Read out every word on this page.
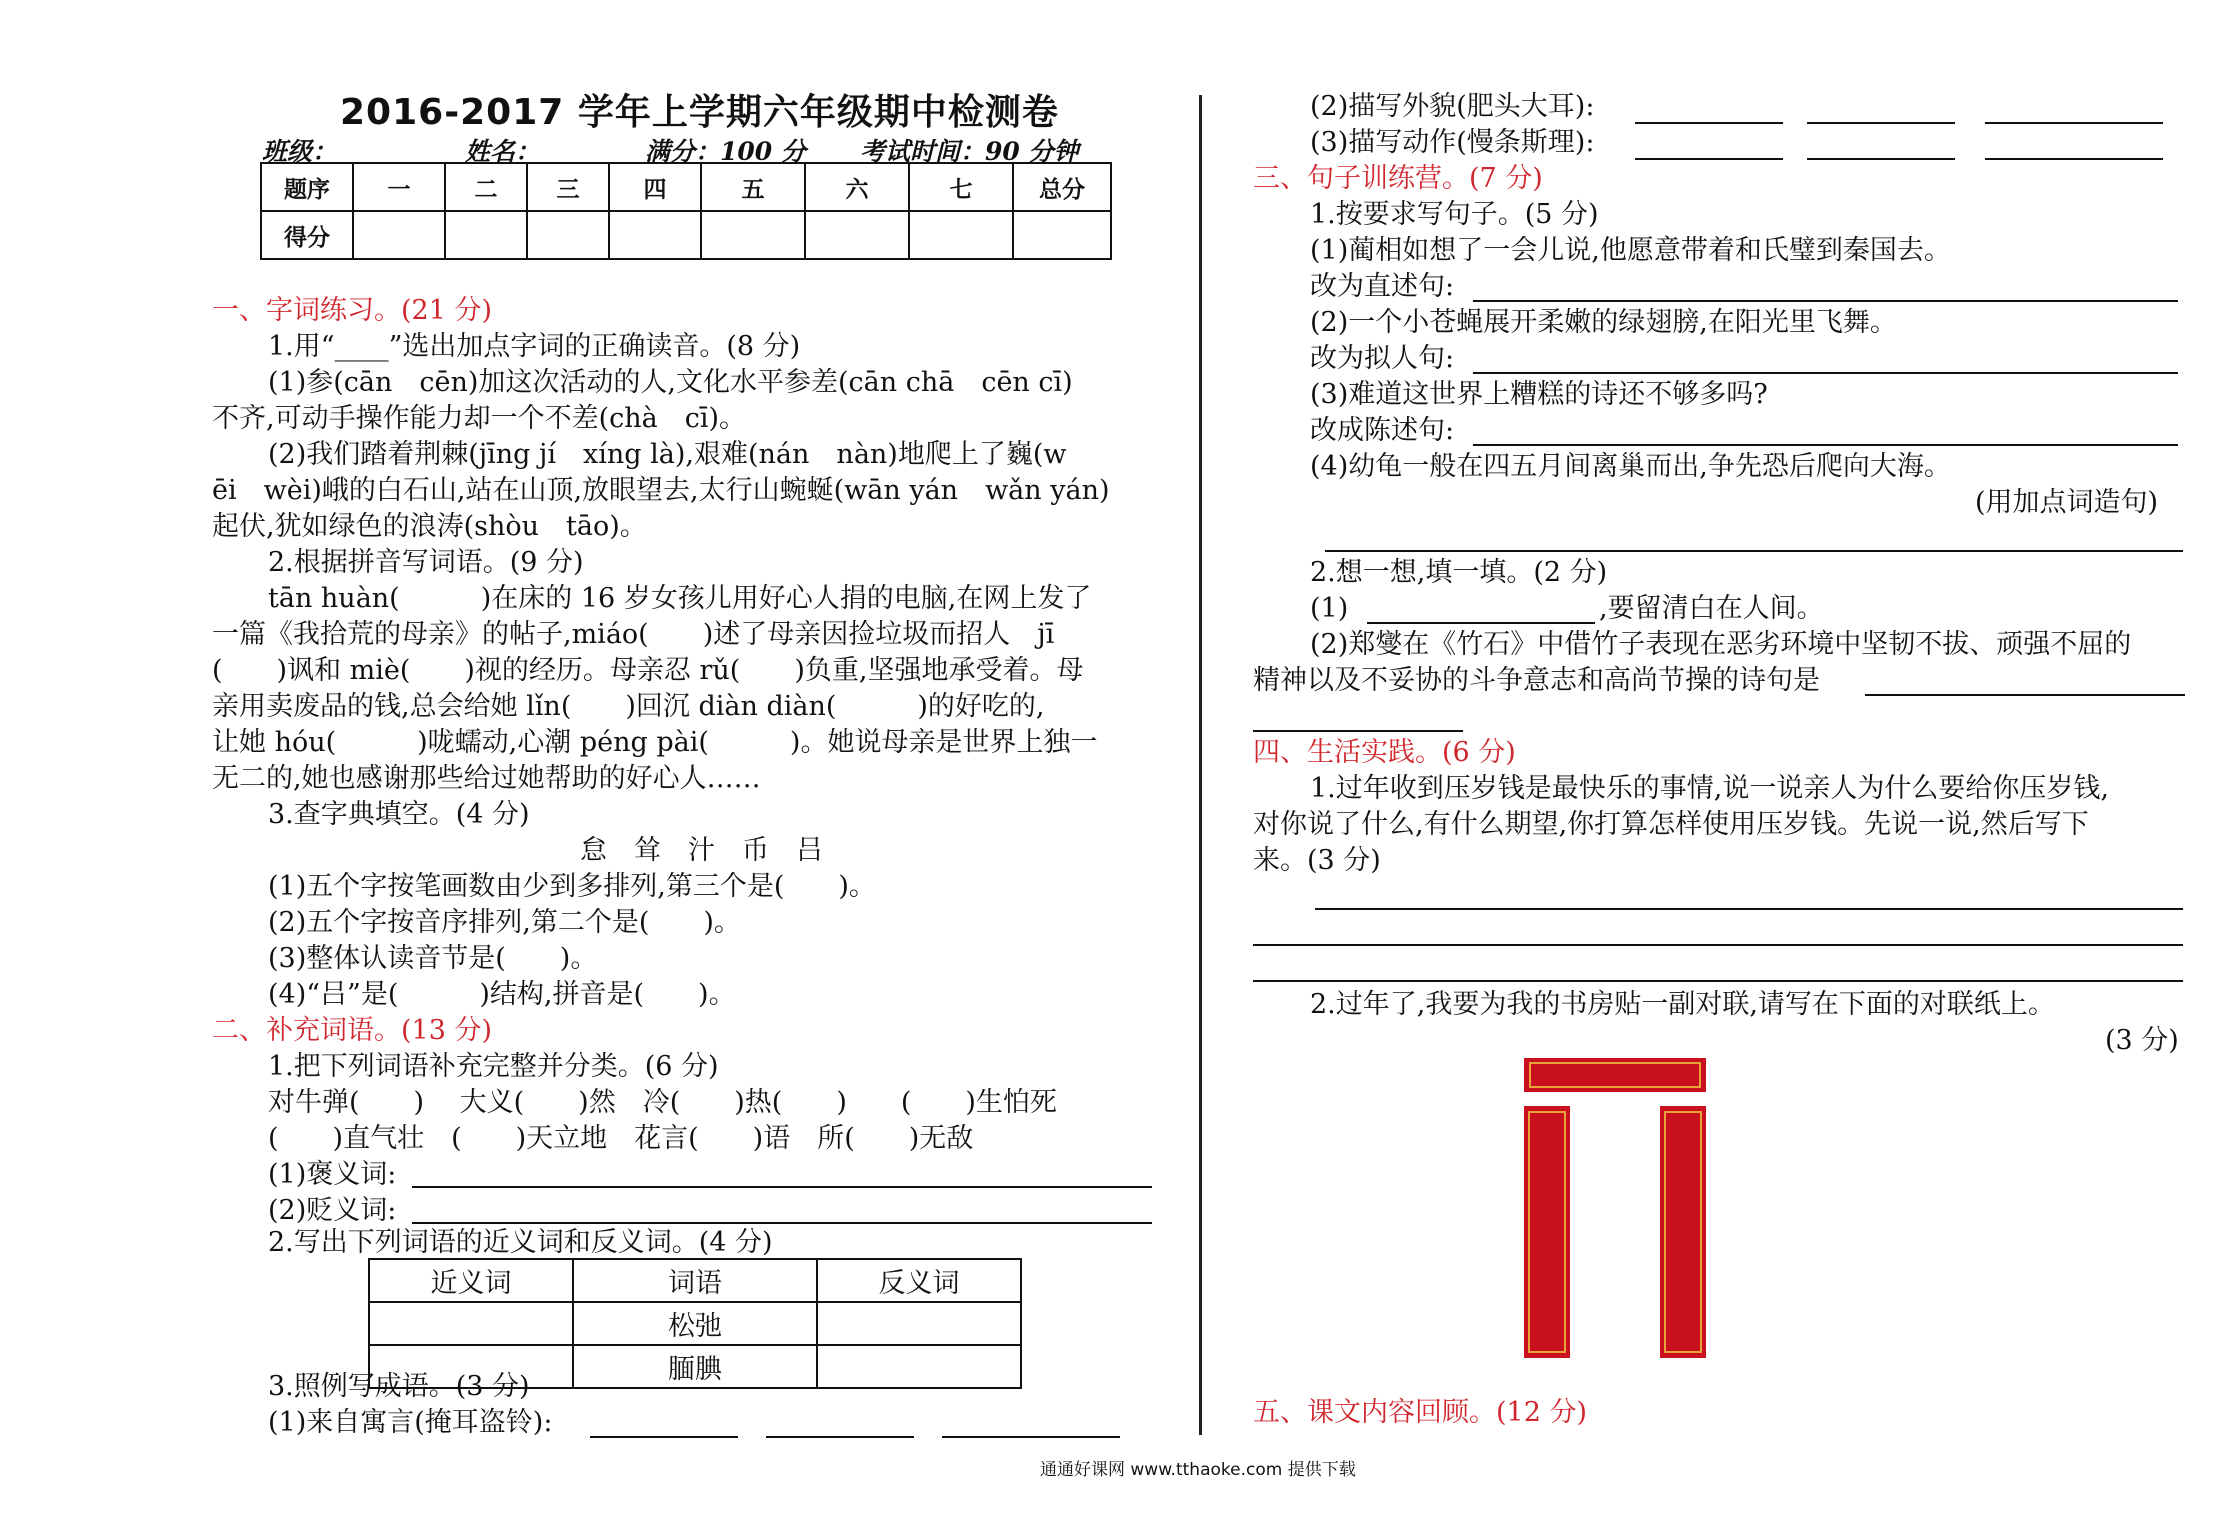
2016-2017 学年上学期六年级期中检测卷
班级：	姓名：	满分：100 分 考试时间：90 分钟
题序	一	二	三	四	五	六	七	总分
得分								
一、字词练习。(21 分)
1.用“____”选出加点字词的正确读音。(8 分)
(1)参(cān　cēn)加这次活动的人,文化水平参差(cān chā　cēn cī)
不齐,可动手操作能力却一个不差(chà　cī)。
(2)我们踏着荆棘(jīng jí　xíng là),艰难(nán　nàn)地爬上了巍(w
ēi　wèi)峨的白石山,站在山顶,放眼望去,太行山蜿蜒(wān yán　wǎn yán)
起伏,犹如绿色的浪涛(shòu　tāo)。
2.根据拼音写词语。(9 分)
tān huàn(　　　)在床的 16 岁女孩儿用好心人捐的电脑,在网上发了
一篇《我拾荒的母亲》的帖子,miáo(　　)述了母亲因捡垃圾而招人　jī
(　　)讽和 miè(　　)视的经历。母亲忍 rǔ(　　)负重,坚强地承受着。母
亲用卖废品的钱,总会给她 lǐn(　　)回沉 diàn diàn(　　　)的好吃的,
让她 hóu(　　　)咙蠕动,心潮 péng pài(　　　)。她说母亲是世界上独一
无二的,她也感谢那些给过她帮助的好心人……
3.查字典填空。(4 分)
怠　耸　汁　币　吕
(1)五个字按笔画数由少到多排列,第三个是(　　)。
(2)五个字按音序排列,第二个是(　　)。
(3)整体认读音节是(　　)。
(4)“吕”是(　　　)结构,拼音是(　　)。
二、补充词语。(13 分)
1.把下列词语补充完整并分类。(6 分)
对牛弹(　　)　 大义(　　)然　冷(　　)热(　　)　　(　　)生怕死
(　　)直气壮　(　　)天立地　花言(　　)语　所(　　)无敌
(1)褒义词:
(2)贬义词:
2.写出下列词语的近义词和反义词。(4 分)
近义词	词语	反义词
	松弛	
	腼腆	
3.照例写成语。(3 分)
(1)来自寓言(掩耳盗铃):
(2)描写外貌(肥头大耳):
(3)描写动作(慢条斯理):
三、句子训练营。(7 分)
1.按要求写句子。(5 分)
(1)蔺相如想了一会儿说,他愿意带着和氏璧到秦国去。
改为直述句:
(2)一个小苍蝇展开柔嫩的绿翅膀,在阳光里飞舞。
改为拟人句:
(3)难道这世界上糟糕的诗还不够多吗?
改成陈述句:
(4)幼龟一般在四五月间离巢而出,争先恐后爬向大海。
(用加点词造句)
2.想一想,填一填。(2 分)
(1)	,要留清白在人间。
(2)郑燮在《竹石》中借竹子表现在恶劣环境中坚韧不拔、顽强不屈的
精神以及不妥协的斗争意志和高尚节操的诗句是
四、生活实践。(6 分)
1.过年收到压岁钱是最快乐的事情,说一说亲人为什么要给你压岁钱,
对你说了什么,有什么期望,你打算怎样使用压岁钱。先说一说,然后写下
来。(3 分)
2.过年了,我要为我的书房贴一副对联,请写在下面的对联纸上。
(3 分)
五、课文内容回顾。(12 分)
通通好课网 www.tthaoke.com 提供下载
